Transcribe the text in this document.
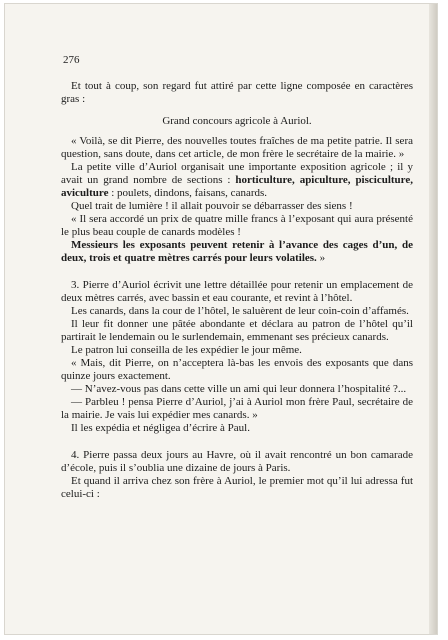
276

Et tout à coup, son regard fut attiré par cette ligne composée en caractères gras :

Grand concours agricole à Auriol.

« Voilà, se dit Pierre, des nouvelles toutes fraîches de ma petite patrie. Il sera question, sans doute, dans cet article, de mon frère le secrétaire de la mairie. »

La petite ville d’Auriol organisait une importante exposition agricole ; il y avait un grand nombre de sections : horticulture, apiculture, pisciculture, aviculture : poulets, dindons, faisans, canards.

Quel trait de lumière ! il allait pouvoir se débarrasser des siens !

« Il sera accordé un prix de quatre mille francs à l’exposant qui aura présenté le plus beau couple de canards modèles !

Messieurs les exposants peuvent retenir à l’avance des cages d’un, de deux, trois et quatre mètres carrés pour leurs volatiles. »

3. Pierre d’Auriol écrivit une lettre détaillée pour retenir un emplacement de deux mètres carrés, avec bassin et eau courante, et revint à l’hôtel.

Les canards, dans la cour de l’hôtel, le saluèrent de leur coin-coin d’affamés.

Il leur fit donner une pâtée abondante et déclara au patron de l’hôtel qu’il partirait le lendemain ou le surlendemain, emmenant ses précieux canards.

Le patron lui conseilla de les expédier le jour même.

« Mais, dit Pierre, on n’acceptera là-bas les envois des exposants que dans quinze jours exactement.

— N’avez-vous pas dans cette ville un ami qui leur donnera l’hospitalité ?...

— Parbleu ! pensa Pierre d’Auriol, j’ai à Auriol mon frère Paul, secrétaire de la mairie. Je vais lui expédier mes canards. »

Il les expédia et négligea d’écrire à Paul.

4. Pierre passa deux jours au Havre, où il avait rencontré un bon camarade d’école, puis il s’oublia une dizaine de jours à Paris.

Et quand il arriva chez son frère à Auriol, le premier mot qu’il lui adressa fut celui-ci :
